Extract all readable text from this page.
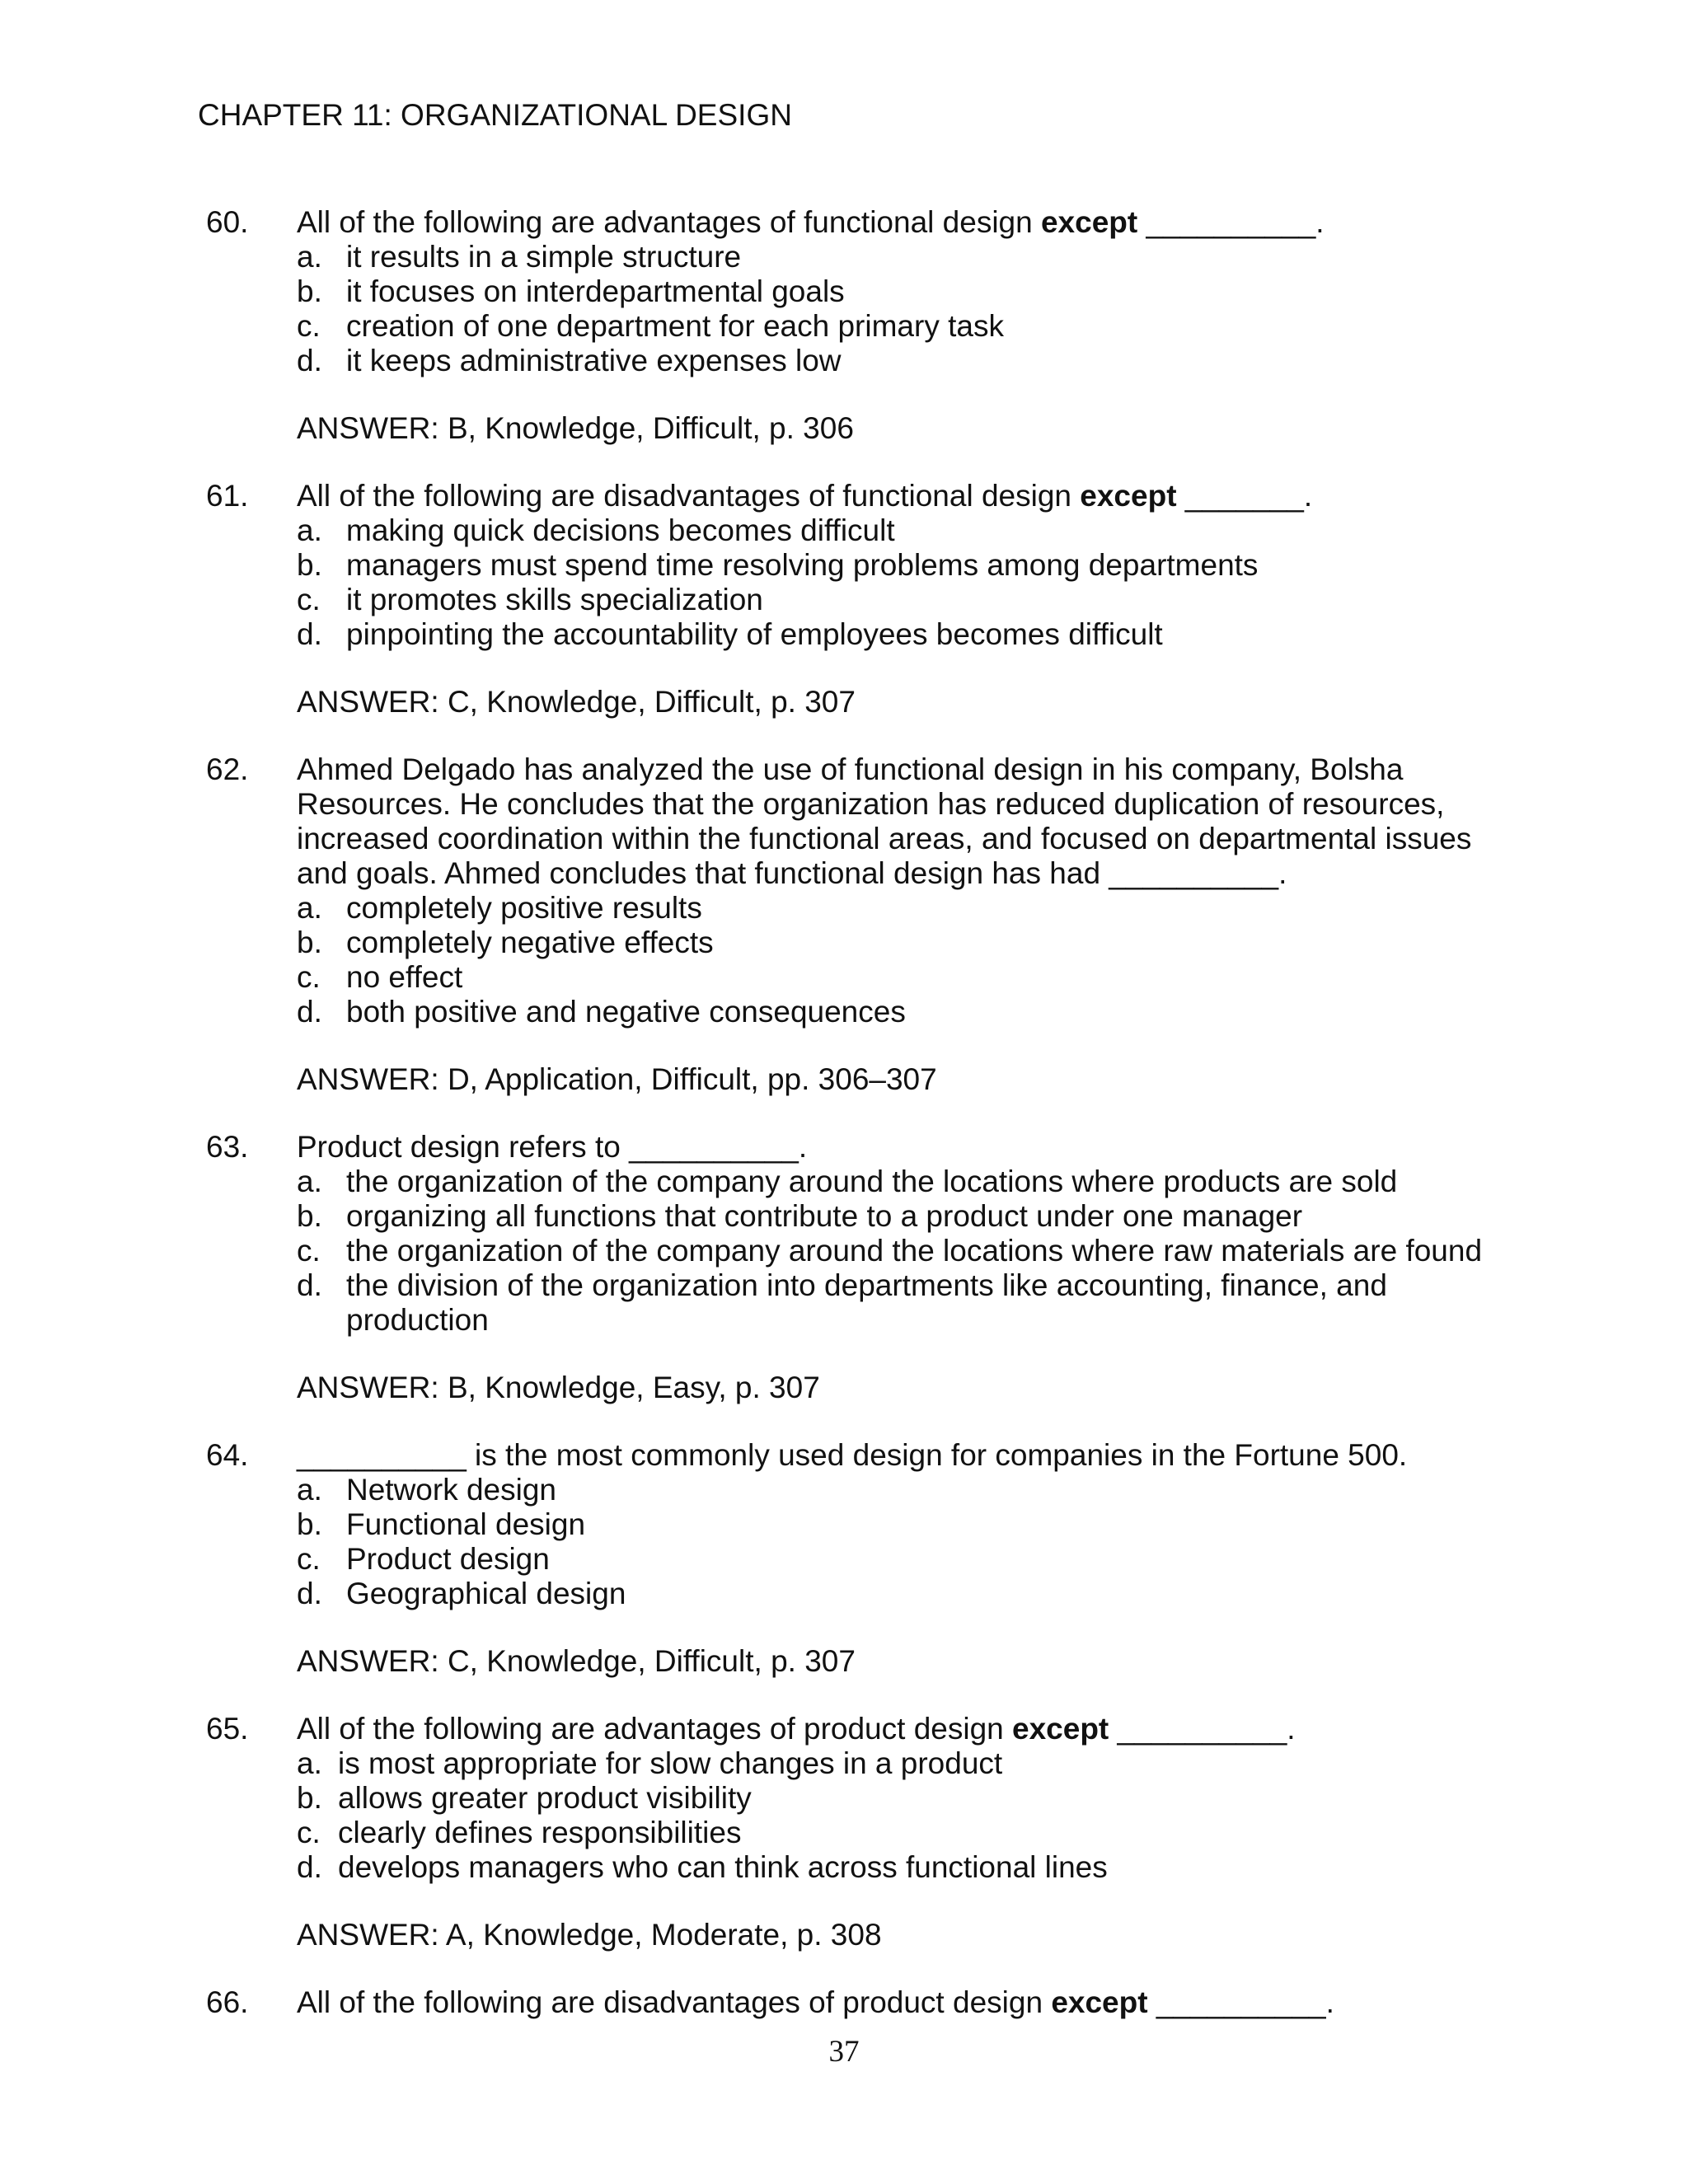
CHAPTER 11: ORGANIZATIONAL DESIGN
60. All of the following are advantages of functional design except __________.
a. it results in a simple structure
b. it focuses on interdepartmental goals
c. creation of one department for each primary task
d. it keeps administrative expenses low
ANSWER: B, Knowledge, Difficult, p. 306
61. All of the following are disadvantages of functional design except _______.
a. making quick decisions becomes difficult
b. managers must spend time resolving problems among departments
c. it promotes skills specialization
d. pinpointing the accountability of employees becomes difficult
ANSWER: C, Knowledge, Difficult, p. 307
62. Ahmed Delgado has analyzed the use of functional design in his company, Bolsha
Resources. He concludes that the organization has reduced duplication of resources,
increased coordination within the functional areas, and focused on departmental issues
and goals. Ahmed concludes that functional design has had __________.
a. completely positive results
b. completely negative effects
c. no effect
d. both positive and negative consequences
ANSWER: D, Application, Difficult, pp. 306–307
63. Product design refers to __________.
a. the organization of the company around the locations where products are sold
b. organizing all functions that contribute to a product under one manager
c. the organization of the company around the locations where raw materials are found
d. the division of the organization into departments like accounting, finance, and
production
ANSWER: B, Knowledge, Easy, p. 307
64. __________ is the most commonly used design for companies in the Fortune 500.
a. Network design
b. Functional design
c. Product design
d. Geographical design
ANSWER: C, Knowledge, Difficult, p. 307
65. All of the following are advantages of product design except __________.
a. is most appropriate for slow changes in a product
b. allows greater product visibility
c. clearly defines responsibilities
d. develops managers who can think across functional lines
ANSWER: A, Knowledge, Moderate, p. 308
66. All of the following are disadvantages of product design except __________.
37
